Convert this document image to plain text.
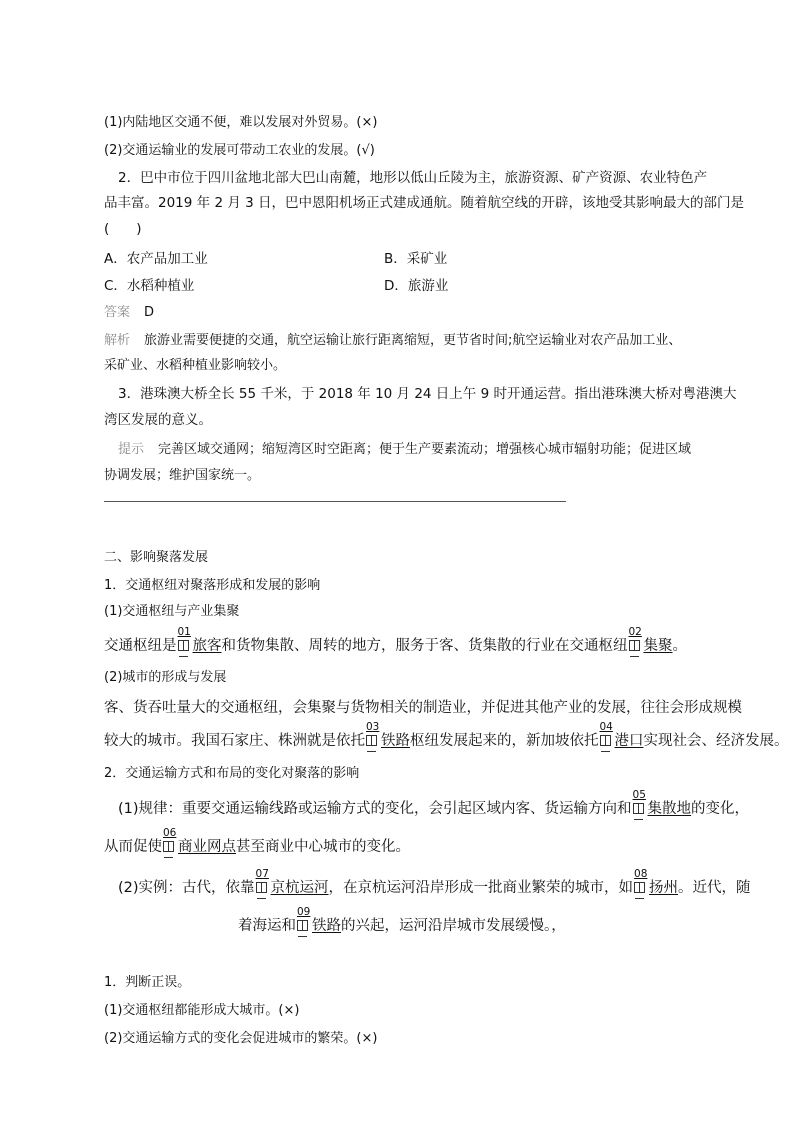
(1)内陆地区交通不便，难以发展对外贸易。(×)
(2)交通运输业的发展可带动工农业的发展。(√)
2．巴中市位于四川盆地北部大巴山南麓，地形以低山丘陵为主，旅游资源、矿产资源、农业特色产
品丰富。2019 年 2 月 3 日，巴中恩阳机场正式建成通航。随着航空线的开辟，该地受其影响最大的部门是
(　　)
A．农产品加工业	B．采矿业
C．水稻种植业	D．旅游业
答案 D
解析 旅游业需要便捷的交通，航空运输让旅行距离缩短，更节省时间;航空运输业对农产品加工业、
采矿业、水稻种植业影响较小。
3．港珠澳大桥全长 55 千米，于 2018 年 10 月 24 日上午 9 时开通运营。指出港珠澳大桥对粤港澳大
湾区发展的意义。
提示 完善区域交通网；缩短湾区时空距离；便于生产要素流动；增强核心城市辐射功能；促进区域
协调发展；维护国家统一。
二、影响聚落发展
1．交通枢纽对聚落形成和发展的影响
(1)交通枢纽与产业集聚
交通枢纽是
01
旅客和货物集散、周转的地方，服务于客、货集散的行业在交通枢纽
02
集聚。
(2)城市的形成与发展
客、货吞吐量大的交通枢纽，会集聚与货物相关的制造业，并促进其他产业的发展，往往会形成规模
较大的城市。我国石家庄、株洲就是依托
03
铁路枢纽发展起来的，新加坡依托
04
港口实现社会、经济发展。
2．交通运输方式和布局的变化对聚落的影响
(1)规律：重要交通运输线路或运输方式的变化，会引起区域内客、货运输方向和
05
集散地的变化，
从而促使
06
商业网点甚至商业中心城市的变化。
(2)实例：古代，依靠
07
京杭运河，在京杭运河沿岸形成一批商业繁荣的城市，如
08
扬州。近代，随
着海运和
09
铁路的兴起，运河沿岸城市发展缓慢。，
1．判断正误。
(1)交通枢纽都能形成大城市。(×)
(2)交通运输方式的变化会促进城市的繁荣。(×)
